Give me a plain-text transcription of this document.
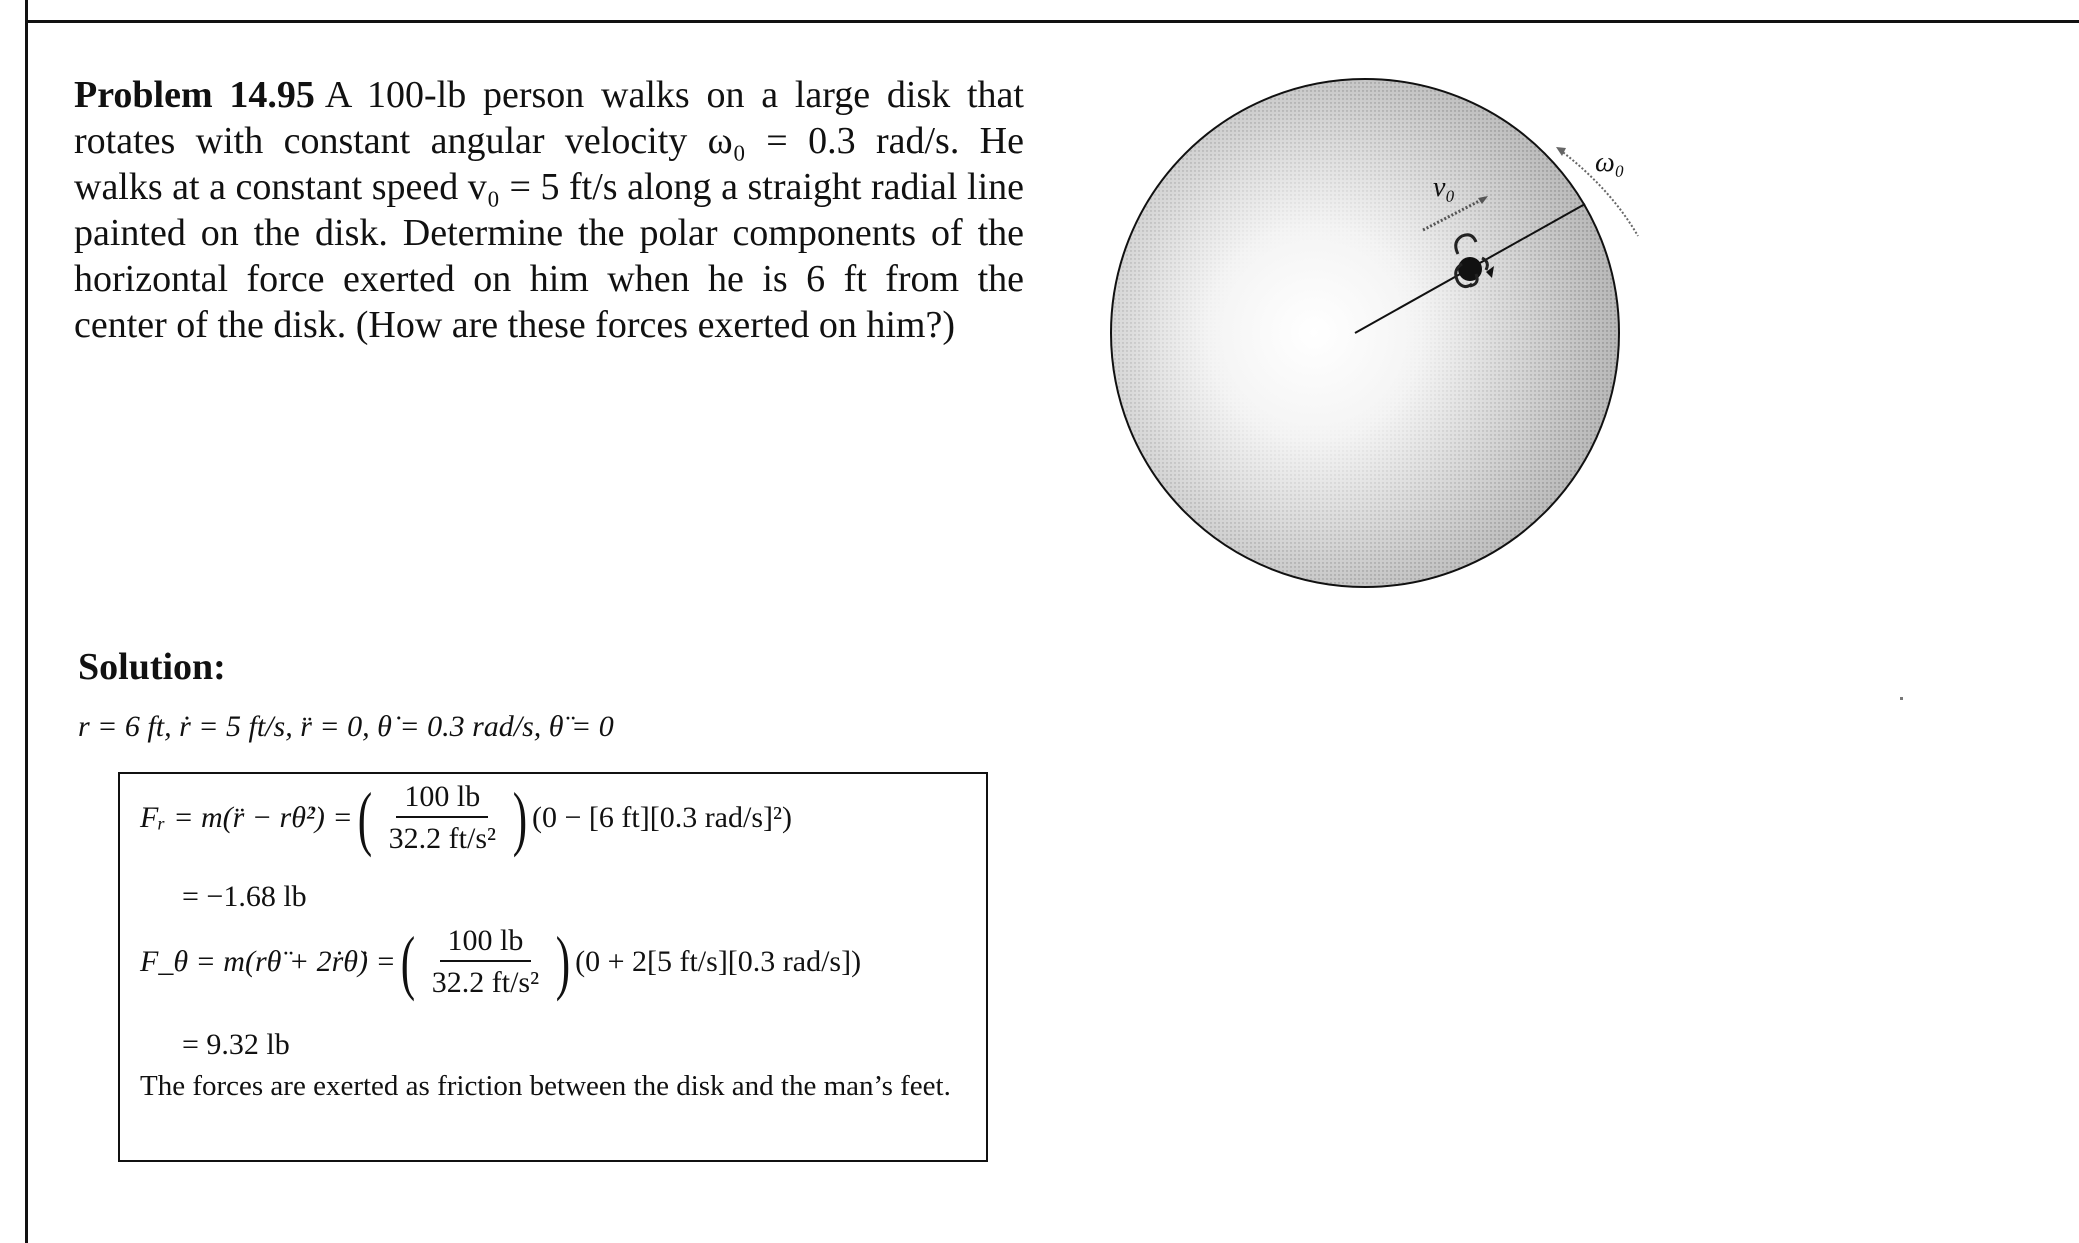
Problem 14.95 A 100-lb person walks on a large disk that rotates with constant angular velocity ω₀ = 0.3 rad/s. He walks at a constant speed v₀ = 5 ft/s along a straight radial line painted on the disk. Determine the polar components of the horizontal force exerted on him when he is 6 ft from the center of the disk. (How are these forces exerted on him?)
v₀
ω₀
Solution:
r = 6 ft, ṙ = 5 ft/s, r̈ = 0, θ̇ = 0.3 rad/s, θ̈ = 0
Fᵣ = m(r̈ − rθ̇²) = ( $\frac{100 lb}{\text{32.2 ft/s²}}$ ) (0 − [6 ft][0.3 rad/s]²)
= −1.68 lb
F_θ = m(rθ̈ + 2ṙθ̇) = ( $\frac{100 lb}{\text{32.2 ft/s²}}$ ) (0 + 2[5 ft/s][0.3 rad/s])
= 9.32 lb
The forces are exerted as friction between the disk and the man’s feet.
